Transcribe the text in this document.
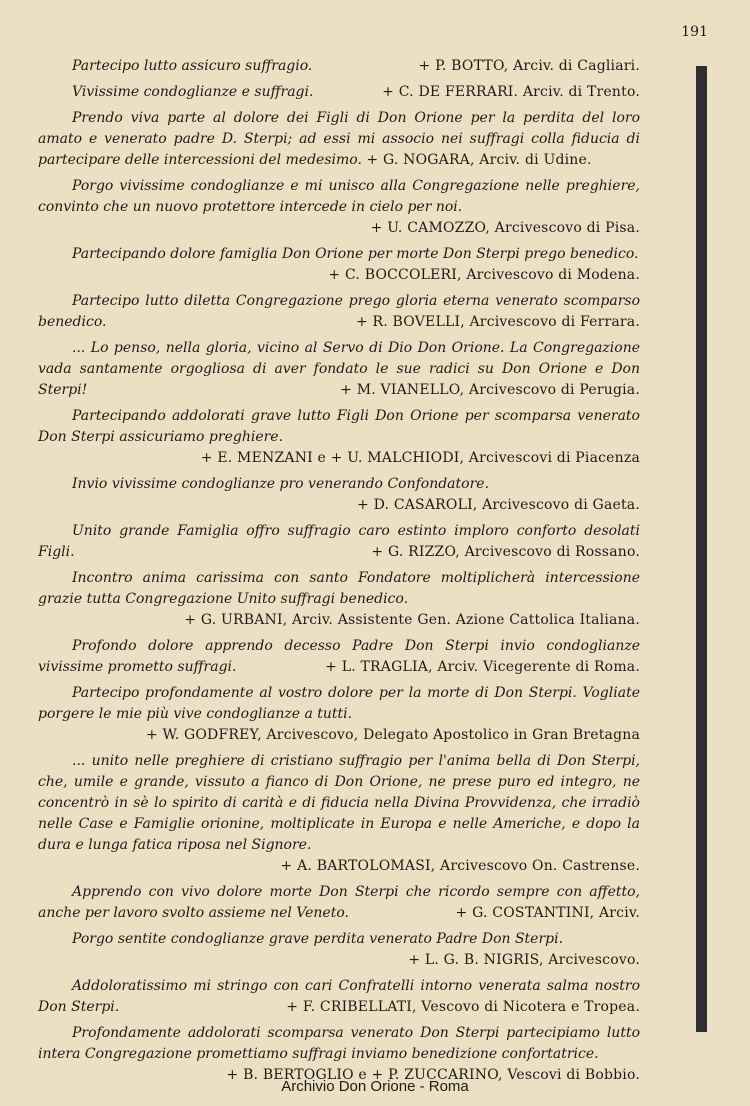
191

Partecipo lutto assicuro suffragio.	+ P. BOTTO, Arciv. di Cagliari.

Vivissime condoglianze e suffragi.	+ C. DE FERRARI. Arciv. di Trento.

Prendo viva parte al dolore dei Figli di Don Orione per la perdita del loro amato e venerato padre D. Sterpi; ad essi mi associo nei suffragi colla fiducia di partecipare delle intercessioni del medesimo. + G. NOGARA, Arciv. di Udine.

Porgo vivissime condoglianze e mi unisco alla Congregazione nelle preghiere, convinto che un nuovo protettore intercede in cielo per noi.

+ U. CAMOZZO, Arcivescovo di Pisa.

Partecipando dolore famiglia Don Orione per morte Don Sterpi prego benedico.
+ C. BOCCOLERI, Arcivescovo di Modena.

Partecipo lutto diletta Congregazione prego gloria eterna venerato scomparso benedico.	+ R. BOVELLI, Arcivescovo di Ferrara.

... Lo penso, nella gloria, vicino al Servo di Dio Don Orione. La Congregazione vada santamente orgogliosa di aver fondato le sue radici su Don Orione e Don Sterpi!	+ M. VIANELLO, Arcivescovo di Perugia.

Partecipando addolorati grave lutto Figli Don Orione per scomparsa venerato Don Sterpi assicuriamo preghiere.

+ E. MENZANI e + U. MALCHIODI, Arcivescovi di Piacenza

Invio vivissime condoglianze pro venerando Confondatore.

+ D. CASAROLI, Arcivescovo di Gaeta.

Unito grande Famiglia offro suffragio caro estinto imploro conforto desolati Figli.	+ G. RIZZO, Arcivescovo di Rossano.

Incontro anima carissima con santo Fondatore moltiplicherà intercessione grazie tutta Congregazione Unito suffragi benedico.

+ G. URBANI, Arciv. Assistente Gen. Azione Cattolica Italiana.

Profondo dolore apprendo decesso Padre Don Sterpi invio condoglianze vivissime prometto suffragi.	+ L. TRAGLIA, Arciv. Vicegerente di Roma.

Partecipo profondamente al vostro dolore per la morte di Don Sterpi. Vogliate porgere le mie più vive condoglianze a tutti.

+ W. GODFREY, Arcivescovo, Delegato Apostolico in Gran Bretagna

... unito nelle preghiere di cristiano suffragio per l'anima bella di Don Sterpi, che, umile e grande, vissuto a fianco di Don Orione, ne prese puro ed integro, ne concentrò in sè lo spirito di carità e di fiducia nella Divina Provvidenza, che irradiò nelle Case e Famiglie orionine, moltiplicate in Europa e nelle Americhe, e dopo la dura e lunga fatica riposa nel Signore.

+ A. BARTOLOMASI, Arcivescovo On. Castrense.

Apprendo con vivo dolore morte Don Sterpi che ricordo sempre con affetto, anche per lavoro svolto assieme nel Veneto.	+ G. COSTANTINI, Arciv.

Porgo sentite condoglianze grave perdita venerato Padre Don Sterpi.

+ L. G. B. NIGRIS, Arcivescovo.

Addoloratissimo mi stringo con cari Confratelli intorno venerata salma nostro Don Sterpi.	+ F. CRIBELLATI, Vescovo di Nicotera e Tropea.

Profondamente addolorati scomparsa venerato Don Sterpi partecipiamo lutto intera Congregazione promettiamo suffragi inviamo benedizione confortatrice.
+ B. BERTOGLIO e + P. ZUCCARINO, Vescovi di Bobbio.

Archivio Don Orione - Roma
